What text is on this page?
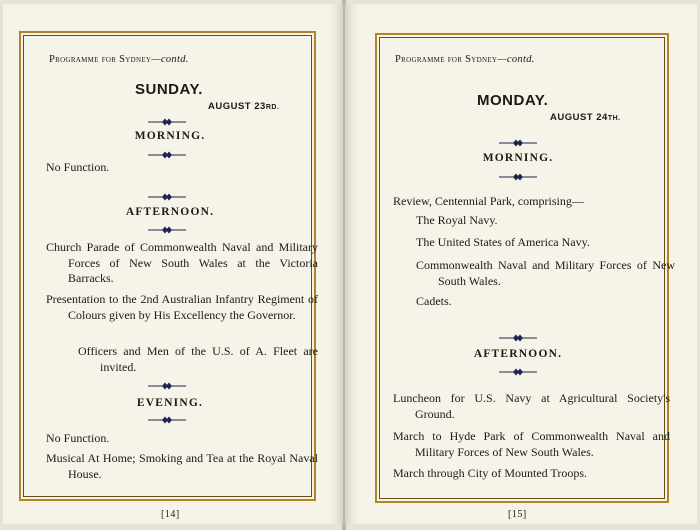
Programme for Sydney—contd.
SUNDAY.
AUGUST 23RD.
MORNING.
No Function.
AFTERNOON.
Church Parade of Commonwealth Naval and Military Forces of New South Wales at the Victoria Barracks.
Presentation to the 2nd Australian Infantry Regiment of Colours given by His Excellency the Governor.
Officers and Men of the U.S. of A. Fleet are invited.
EVENING.
No Function.
Musical At Home; Smoking and Tea at the Royal Naval House.
[14]
Programme for Sydney—contd.
MONDAY.
AUGUST 24TH.
MORNING.
Review, Centennial Park, comprising—
The Royal Navy.
The United States of America Navy.
Commonwealth Naval and Military Forces of New South Wales.
Cadets.
AFTERNOON.
Luncheon for U.S. Navy at Agricultural Society's Ground.
March to Hyde Park of Commonwealth Naval and Military Forces of New South Wales.
March through City of Mounted Troops.
[15]
